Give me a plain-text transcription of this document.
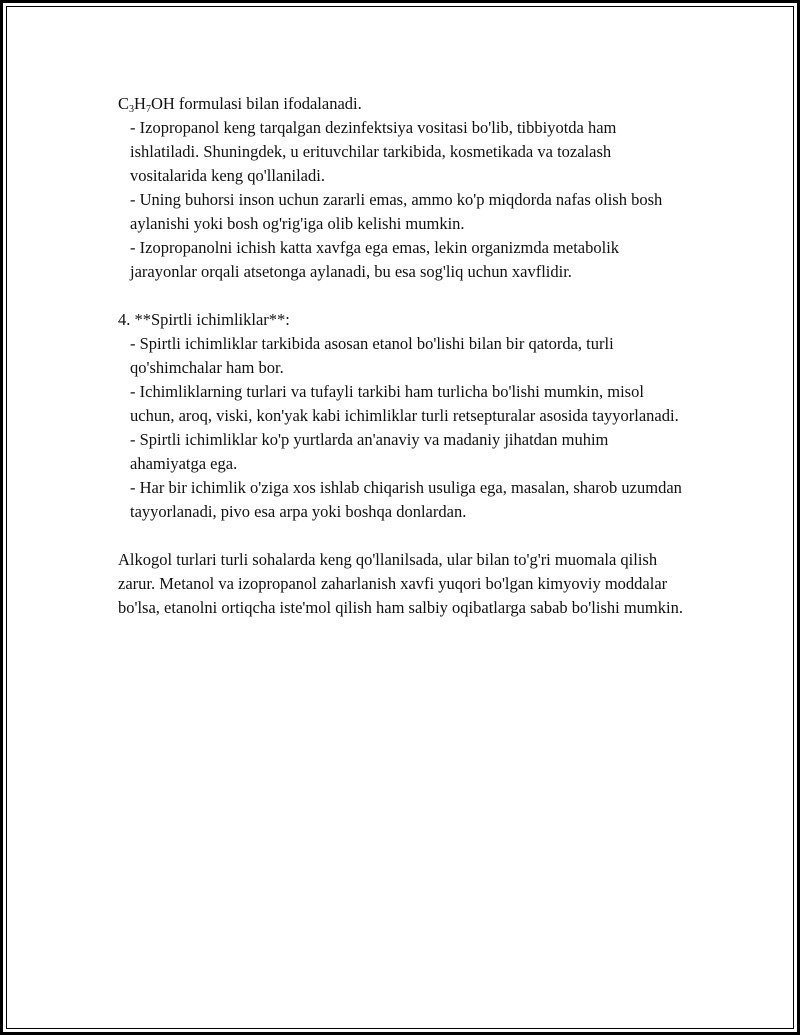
$C_3H_7OH$ formulasi bilan ifodalanadi.

- Izopropanol keng tarqalgan dezinfektsiya vositasi bo'lib, tibbiyotda ham ishlatiladi. Shuningdek, u erituvchilar tarkibida, kosmetikada va tozalash vositalarida keng qo'llaniladi.

- Uning buhorsi inson uchun zararli emas, ammo ko'p miqdorda nafas olish bosh aylanishi yoki bosh og'rig'iga olib kelishi mumkin.

- Izopropanolni ichish katta xavfga ega emas, lekin organizmda metabolik jarayonlar orqali atsetonga aylanadi, bu esa sog'liq uchun xavflidir.

4. **Spirtli ichimliklar**:

- Spirtli ichimliklar tarkibida asosan etanol bo'lishi bilan bir qatorda, turli qo'shimchalar ham bor.

- Ichimliklarning turlari va tufayli tarkibi ham turlicha bo'lishi mumkin, misol uchun, aroq, viski, kon'yak kabi ichimliklar turli retsepturalar asosida tayyorlanadi.

- Spirtli ichimliklar ko'p yurtlarda an'anaviy va madaniy jihatdan muhim ahamiyatga ega.

- Har bir ichimlik o'ziga xos ishlab chiqarish usuliga ega, masalan, sharob uzumdan tayyorlanadi, pivo esa arpa yoki boshqa donlardan.

Alkogol turlari turli sohalarda keng qo'llanilsada, ular bilan to'g'ri muomala qilish zarur. Metanol va izopropanol zaharlanish xavfi yuqori bo'lgan kimyoviy moddalar bo'lsa, etanolni ortiqcha iste'mol qilish ham salbiy oqibatlarga sabab bo'lishi mumkin.
